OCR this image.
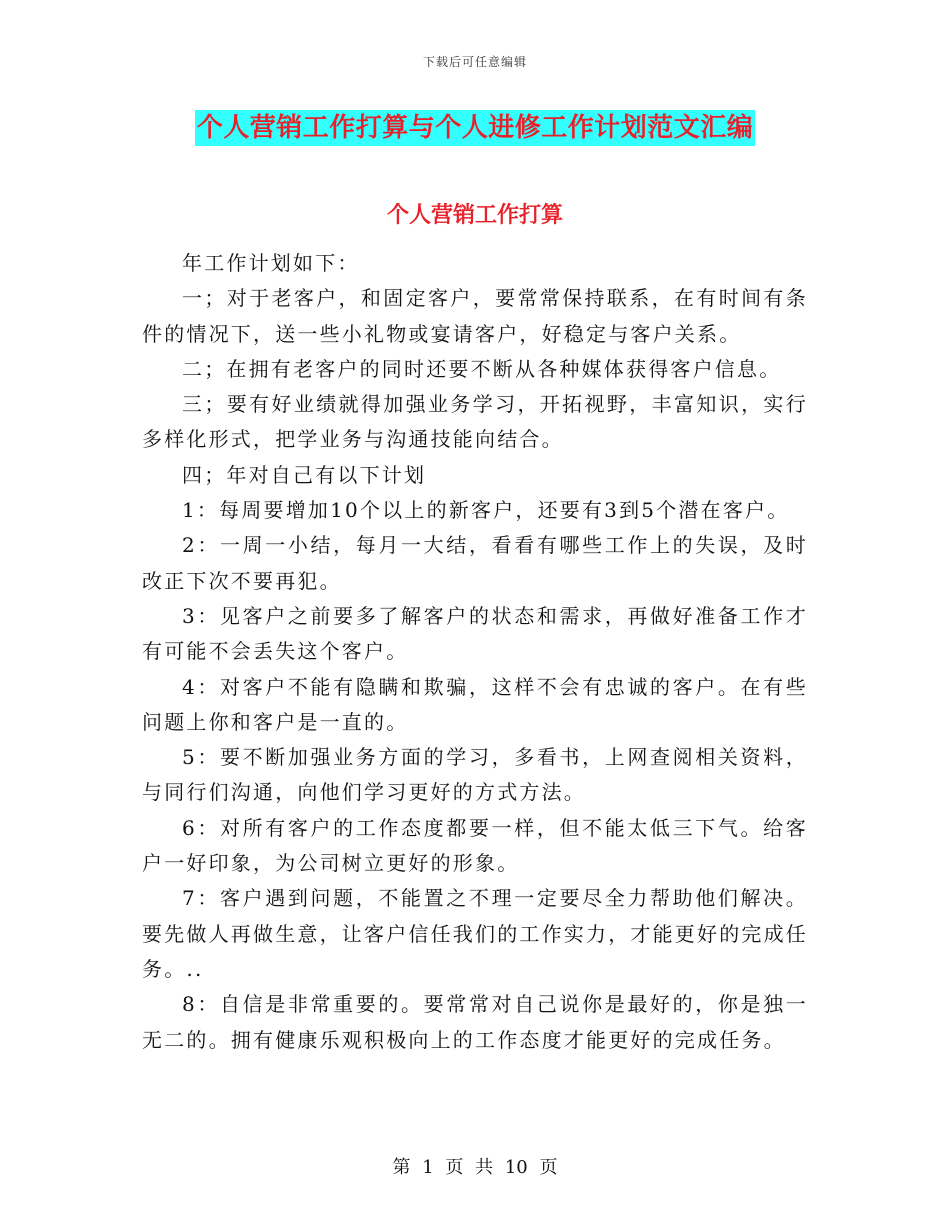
下载后可任意编辑
个人营销工作打算与个人进修工作计划范文汇编
个人营销工作打算

年工作计划如下：

一；对于老客户，和固定客户，要常常保持联系，在有时间有条件的情况下，送一些小礼物或宴请客户，好稳定与客户关系。

二；在拥有老客户的同时还要不断从各种媒体获得客户信息。

三；要有好业绩就得加强业务学习，开拓视野，丰富知识，实行多样化形式，把学业务与沟通技能向结合。

四；年对自己有以下计划

1：每周要增加10个以上的新客户，还要有3到5个潜在客户。

2：一周一小结，每月一大结，看看有哪些工作上的失误，及时改正下次不要再犯。

3：见客户之前要多了解客户的状态和需求，再做好准备工作才有可能不会丢失这个客户。

4：对客户不能有隐瞒和欺骗，这样不会有忠诚的客户。在有些问题上你和客户是一直的。

5：要不断加强业务方面的学习，多看书，上网查阅相关资料，与同行们沟通，向他们学习更好的方式方法。

6：对所有客户的工作态度都要一样，但不能太低三下气。给客户一好印象，为公司树立更好的形象。

7：客户遇到问题，不能置之不理一定要尽全力帮助他们解决。要先做人再做生意，让客户信任我们的工作实力，才能更好的完成任务。..

8：自信是非常重要的。要常常对自己说你是最好的，你是独一无二的。拥有健康乐观积极向上的工作态度才能更好的完成任务。

第 1 页 共 10 页
